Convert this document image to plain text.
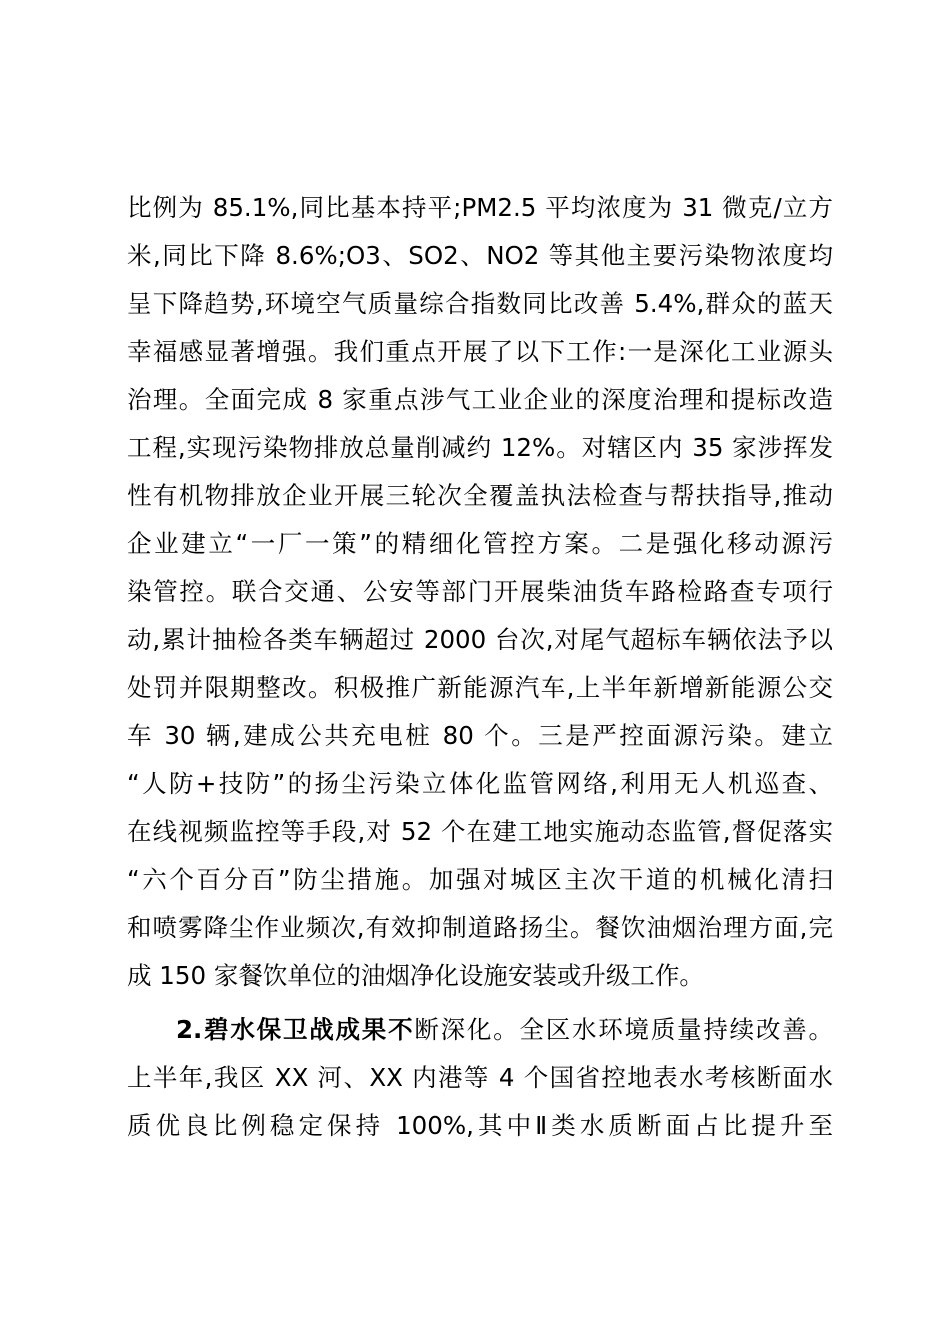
比例为 85.1%,同比基本持平;PM2.5 平均浓度为 31 微克/立方
米,同比下降 8.6%;O3、SO2、NO2 等其他主要污染物浓度均
呈下降趋势,环境空气质量综合指数同比改善 5.4%,群众的蓝天
幸福感显著增强。我们重点开展了以下工作:一是深化工业源头
治理。全面完成 8 家重点涉气工业企业的深度治理和提标改造
工程,实现污染物排放总量削减约 12%。对辖区内 35 家涉挥发
性有机物排放企业开展三轮次全覆盖执法检查与帮扶指导,推动
企业建立“一厂一策”的精细化管控方案。二是强化移动源污
染管控。联合交通、公安等部门开展柴油货车路检路查专项行
动,累计抽检各类车辆超过 2000 台次,对尾气超标车辆依法予以
处罚并限期整改。积极推广新能源汽车,上半年新增新能源公交
车 30 辆,建成公共充电桩 80 个。三是严控面源污染。建立
“人防+技防”的扬尘污染立体化监管网络,利用无人机巡查、
在线视频监控等手段,对 52 个在建工地实施动态监管,督促落实
“六个百分百”防尘措施。加强对城区主次干道的机械化清扫
和喷雾降尘作业频次,有效抑制道路扬尘。餐饮油烟治理方面,完
成 150 家餐饮单位的油烟净化设施安装或升级工作。
2.碧水保卫战成果不断深化。全区水环境质量持续改善。
上半年,我区 XX 河、XX 内港等 4 个国省控地表水考核断面水
质优良比例稳定保持 100%,其中Ⅱ类水质断面占比提升至
